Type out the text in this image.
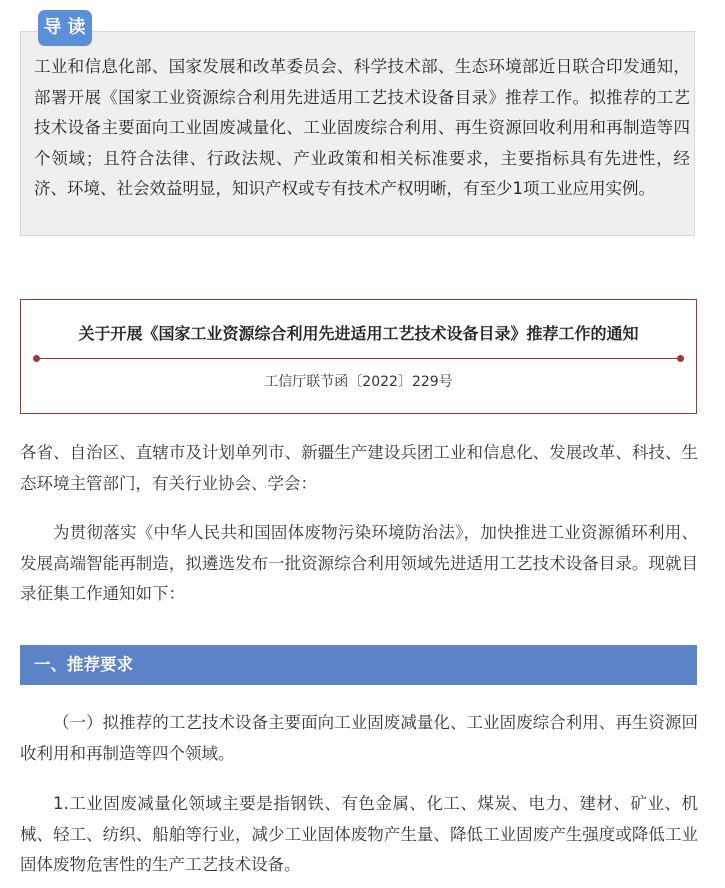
导读

工业和信息化部、国家发展和改革委员会、科学技术部、生态环境部近日联合印发通知，部署开展《国家工业资源综合利用先进适用工艺技术设备目录》推荐工作。拟推荐的工艺技术设备主要面向工业固废减量化、工业固废综合利用、再生资源回收利用和再制造等四个领域；且符合法律、行政法规、产业政策和相关标准要求，主要指标具有先进性，经济、环境、社会效益明显，知识产权或专有技术产权明晰，有至少1项工业应用实例。

关于开展《国家工业资源综合利用先进适用工艺技术设备目录》推荐工作的通知
工信厅联节函〔2022〕229号

各省、自治区、直辖市及计划单列市、新疆生产建设兵团工业和信息化、发展改革、科技、生态环境主管部门，有关行业协会、学会：

为贯彻落实《中华人民共和国固体废物污染环境防治法》，加快推进工业资源循环利用、发展高端智能再制造，拟遴选发布一批资源综合利用领域先进适用工艺技术设备目录。现就目录征集工作通知如下：

一、推荐要求

（一）拟推荐的工艺技术设备主要面向工业固废减量化、工业固废综合利用、再生资源回收利用和再制造等四个领域。

1.工业固废减量化领域主要是指钢铁、有色金属、化工、煤炭、电力、建材、矿业、机械、轻工、纺织、船舶等行业，减少工业固体废物产生量、降低工业固废产生强度或降低工业固体废物危害性的生产工艺技术设备。
